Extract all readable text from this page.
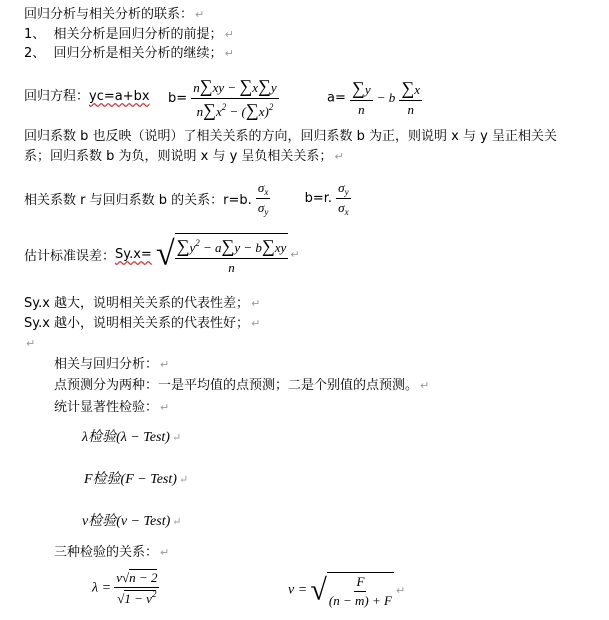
回归分析与相关分析的联系： ↵
1、 相关分析是回归分析的前提； ↵
2、 回归分析是相关分析的继续； ↵
回归方程：yc=a+bx $b= \frac{n\sum xy - \sum x\sum y}{n\sum x^2 - (\sum x)^2}$	$a= \frac{\sum y}{n} - b \frac{\sum x}{n}$
回归系数 b 也反映（说明）了相关关系的方向，回归系数 b 为正，则说明 x 与 y 呈正相关关
系；回归系数 b 为负，则说明 x 与 y 呈负相关关系； ↵
相关系数 r 与回归系数 b 的关系：r=b. $\frac{\sigma_x}{\sigma_y}$	b=r. $\frac{\sigma_y}{\sigma_x}$
估计标准误差：Sy.x= √ $\frac{\sum y^2 - a\sum y - b\sum xy}{n}$ ↵
Sy.x 越大，说明相关关系的代表性差； ↵
Sy.x 越小，说明相关关系的代表性好； ↵
↵
相关与回归分析： ↵
点预测分为两种：一是平均值的点预测；二是个别值的点预测。 ↵
统计显著性检验： ↵
λ检验(λ − Test) ↵
F检验(F − Test) ↵
ν检验(ν − Test) ↵
三种检验的关系： ↵
$\lambda = \frac{\nu√n - 2}{√1 - \nu^2}$	ν = √ $\frac{F}{(n - m) + F}$ ↵
